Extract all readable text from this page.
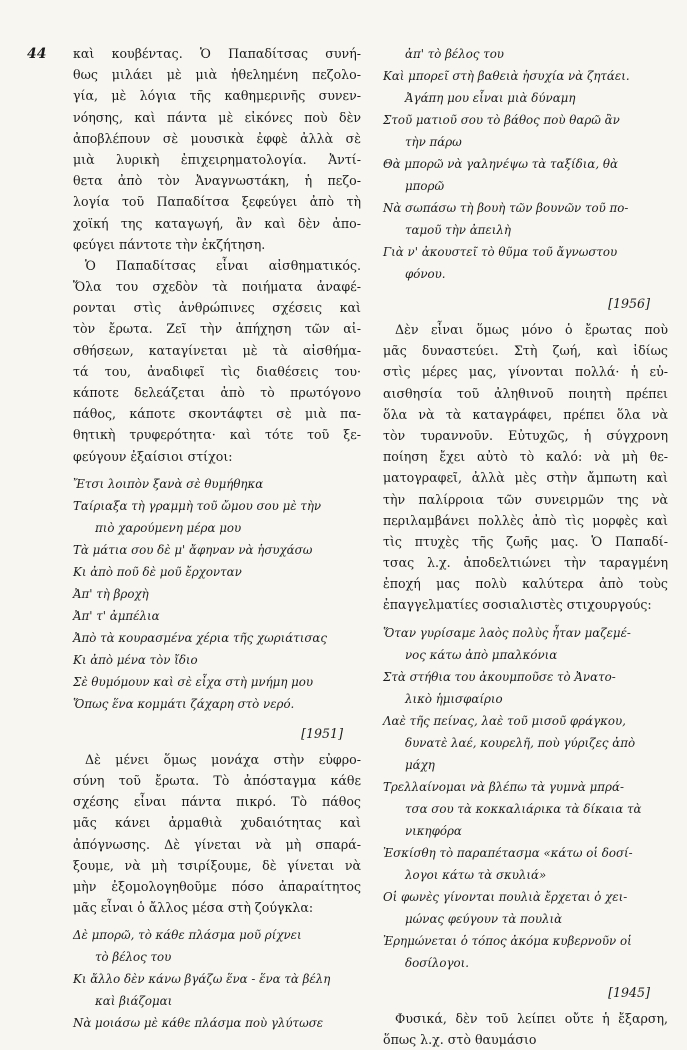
44 καὶ κουβέντας. Ὁ Παπαδίτσας συνή-
θως μιλάει μὲ μιὰ ἠθελημένη πεζολο-
γία, μὲ λόγια τῆς καθημερινῆς συνεν-
νόησης, καὶ πάντα μὲ εἰκόνες ποὺ δὲν
ἀποβλέπουν σὲ μουσικὰ ἐφφὲ ἀλλὰ σὲ
μιὰ λυρικὴ ἐπιχειρηματολογία. Ἀντί-
θετα ἀπὸ τὸν Ἀναγνωστάκη, ἡ πεζο-
λογία τοῦ Παπαδίτσα ξεφεύγει ἀπὸ τὴ
χοϊκή της καταγωγή, ἂν καὶ δὲν ἀπο-
φεύγει πάντοτε τὴν ἐκζήτηση.
Ὁ Παπαδίτσας εἶναι αἰσθηματικός.
Ὅλα του σχεδὸν τὰ ποιήματα ἀναφέ-
ρονται στὶς ἀνθρώπινες σχέσεις καὶ
τὸν ἔρωτα. Ζεῖ τὴν ἀπήχηση τῶν αἰ-
σθήσεων, καταγίνεται μὲ τὰ αἰσθήμα-
τά του, ἀναδιφεῖ τὶς διαθέσεις του·
κάποτε δελεάζεται ἀπὸ τὸ πρωτόγονο
πάθος, κάποτε σκοντάφτει σὲ μιὰ πα-
θητικὴ τρυφερότητα· καὶ τότε τοῦ ξε-
φεύγουν ἐξαίσιοι στίχοι:
Ἔτσι λοιπὸν ξανὰ σὲ θυμήθηκα
Ταίριαξα τὴ γραμμὴ τοῦ ὤμου σου μὲ τὴν
πιὸ χαρούμενη μέρα μου
Τὰ μάτια σου δὲ μ' ἄφηναν νὰ ἡσυχάσω
Κι ἀπὸ ποῦ δὲ μοῦ ἔρχονταν
Ἀπ' τὴ βροχὴ
Ἀπ' τ' ἀμπέλια
Ἀπὸ τὰ κουρασμένα χέρια τῆς χωριάτισας
Κι ἀπὸ μένα τὸν ἴδιο
Σὲ θυμόμουν καὶ σὲ εἶχα στὴ μνήμη μου
Ὅπως ἕνα κομμάτι ζάχαρη στὸ νερό.
[1951]
Δὲ μένει ὅμως μονάχα στὴν εὐφρο-
σύνη τοῦ ἔρωτα. Τὸ ἀπόσταγμα κάθε
σχέσης εἶναι πάντα πικρό. Τὸ πάθος
μᾶς κάνει ἀρμαθιὰ χυδαιότητας καὶ
ἀπόγνωσης. Δὲ γίνεται νὰ μὴ σπαρά-
ξουμε, νὰ μὴ τσιρίξουμε, δὲ γίνεται νὰ
μὴν ἐξομολογηθοῦμε πόσο ἀπαραίτητος
μᾶς εἶναι ὁ ἄλλος μέσα στὴ ζούγκλα:
Δὲ μπορῶ, τὸ κάθε πλάσμα μοῦ ρίχνει
τὸ βέλος του
Κι ἄλλο δὲν κάνω βγάζω ἕνα - ἕνα τὰ βέλη
καὶ βιάζομαι
Νὰ μοιάσω μὲ κάθε πλάσμα ποὺ γλύτωσε
ἀπ' τὸ βέλος του
Καὶ μπορεῖ στὴ βαθειὰ ἡσυχία νὰ ζητάει.
Ἀγάπη μου εἶναι μιὰ δύναμη
Στοῦ ματιοῦ σου τὸ βάθος ποὺ θαρῶ ἂν
τὴν πάρω
Θὰ μπορῶ νὰ γαληνέψω τὰ ταξίδια, θὰ
μπορῶ
Νὰ σωπάσω τὴ βουὴ τῶν βουνῶν τοῦ πο-
ταμοῦ τὴν ἀπειλὴ
Γιὰ ν' ἀκουστεῖ τὸ θῦμα τοῦ ἄγνωστου
φόνου.
[1956]
Δὲν εἶναι ὅμως μόνο ὁ ἔρωτας ποὺ
μᾶς δυναστεύει. Στὴ ζωή, καὶ ἰδίως
στὶς μέρες μας, γίνονται πολλά· ἡ εὐ-
αισθησία τοῦ ἀληθινοῦ ποιητὴ πρέπει
ὅλα νὰ τὰ καταγράφει, πρέπει ὅλα νὰ
τὸν τυραννοῦν. Εὐτυχῶς, ἡ σύγχρονη
ποίηση ἔχει αὐτὸ τὸ καλό: νὰ μὴ θε-
ματογραφεῖ, ἀλλὰ μὲς στὴν ἄμπωτη καὶ
τὴν παλίρροια τῶν συνειρμῶν της νὰ
περιλαμβάνει πολλὲς ἀπὸ τὶς μορφὲς καὶ
τὶς πτυχὲς τῆς ζωῆς μας. Ὁ Παπαδί-
τσας λ.χ. ἀποδελτιώνει τὴν ταραγμένη
ἐποχή μας πολὺ καλύτερα ἀπὸ τοὺς
ἐπαγγελματίες σοσιαλιστὲς στιχουργούς:
Ὅταν γυρίσαμε λαὸς πολὺς ἦταν μαζεμέ-
νος κάτω ἀπὸ μπαλκόνια
Στὰ στήθια του ἀκουμποῦσε τὸ Ἀνατο-
λικὸ ἡμισφαίριο
Λαὲ τῆς πείνας, λαὲ τοῦ μισοῦ φράγκου,
δυνατὲ λαέ, κουρελῆ, ποὺ γύριζες ἀπὸ
μάχη
Τρελλαίνομαι νὰ βλέπω τὰ γυμνὰ μπρά-
τσα σου τὰ κοκκαλιάρικα τὰ δίκαια τὰ
νικηφόρα
Ἐσκίσθη τὸ παραπέτασμα «κάτω οἱ δοσί-
λογοι κάτω τὰ σκυλιά»
Οἱ φωνὲς γίνονται πουλιὰ ἔρχεται ὁ χει-
μώνας φεύγουν τὰ πουλιὰ
Ἐρημώνεται ὁ τόπος ἀκόμα κυβερνοῦν οἱ
δοσίλογοι.
[1945]
Φυσικά, δὲν τοῦ λείπει οὔτε ἡ ἔξαρση,
ὅπως λ.χ. στὸ θαυμάσιο
